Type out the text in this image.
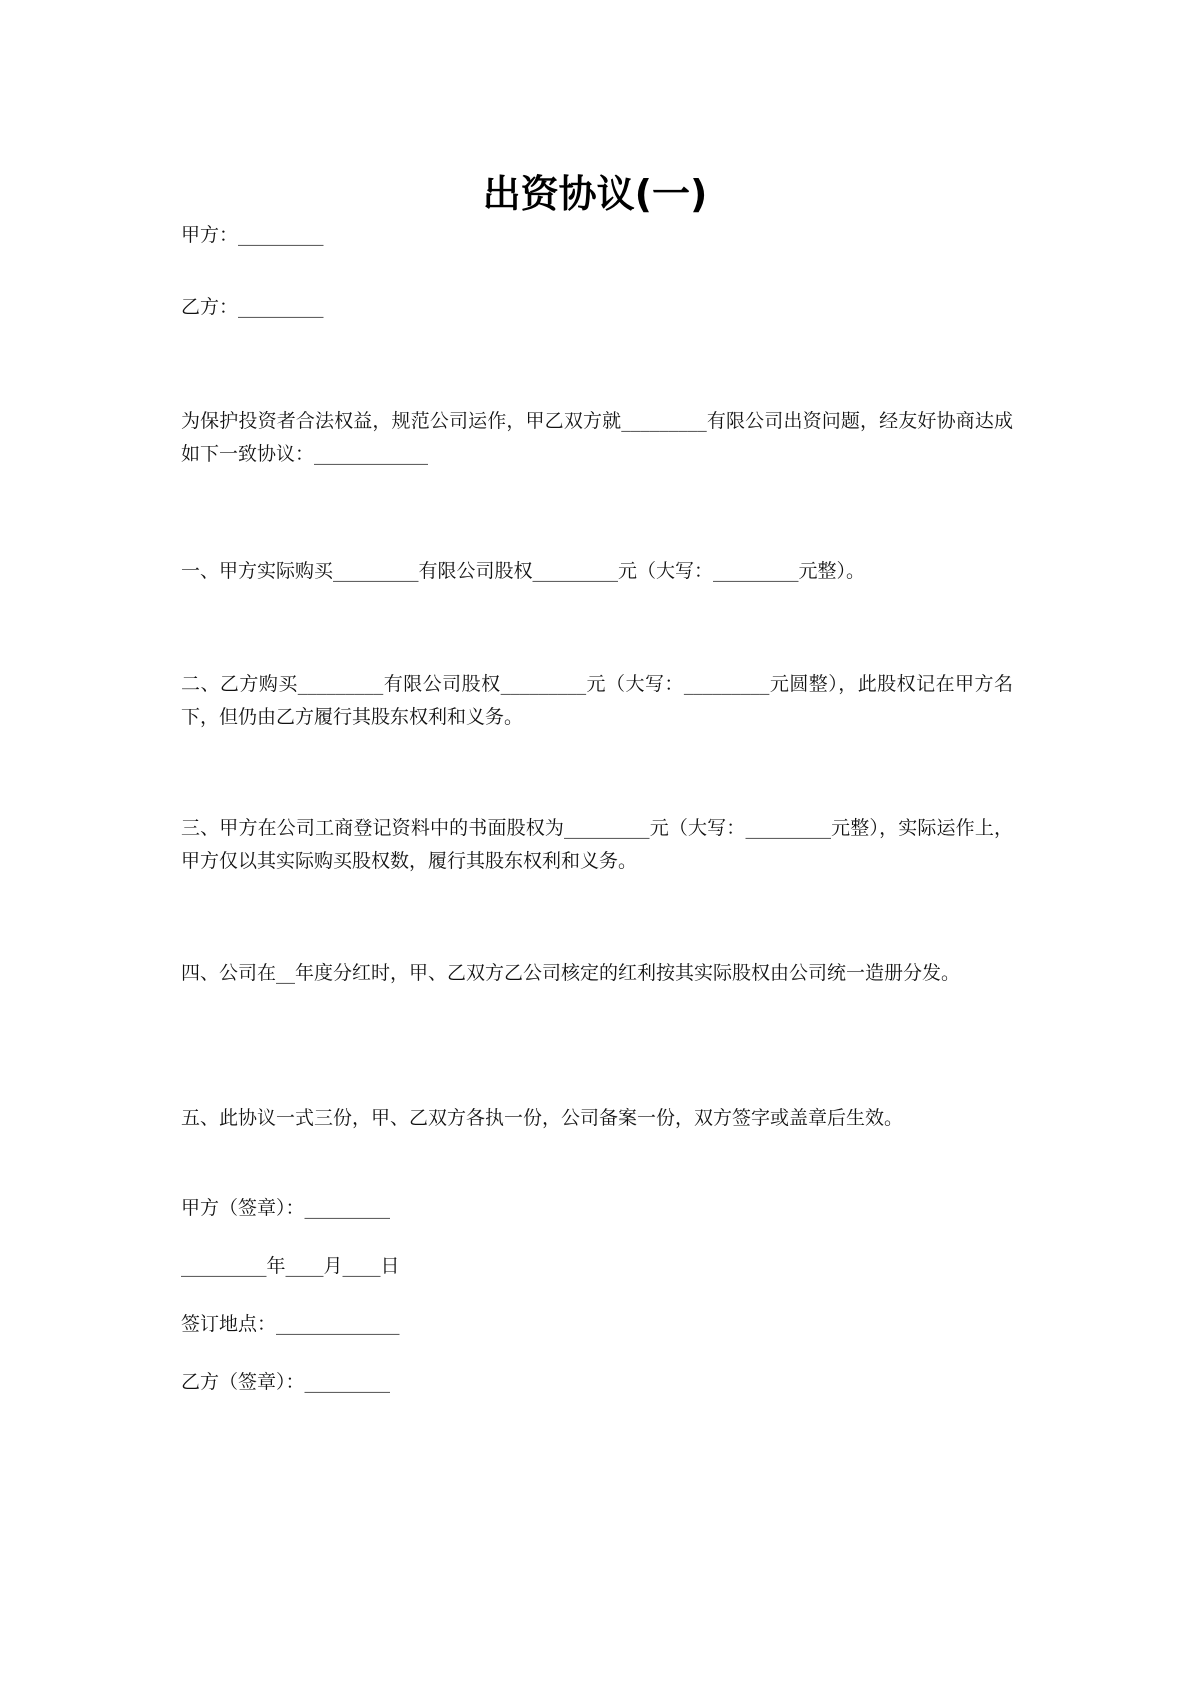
出资协议(一)
甲方：_________
乙方：_________
为保护投资者合法权益，规范公司运作，甲乙双方就_________有限公司出资问题，经友好协商达成如下一致协议：____________
一、甲方实际购买_________有限公司股权_________元（大写：_________元整）。
二、乙方购买_________有限公司股权_________元（大写：_________元圆整），此股权记在甲方名下，但仍由乙方履行其股东权利和义务。
三、甲方在公司工商登记资料中的书面股权为_________元（大写：_________元整），实际运作上，甲方仅以其实际购买股权数，履行其股东权利和义务。
四、公司在__年度分红时，甲、乙双方乙公司核定的红利按其实际股权由公司统一造册分发。
五、此协议一式三份，甲、乙双方各执一份，公司备案一份，双方签字或盖章后生效。
甲方（签章）：_________
_________年____月____日
签订地点：_____________
乙方（签章）：_________
